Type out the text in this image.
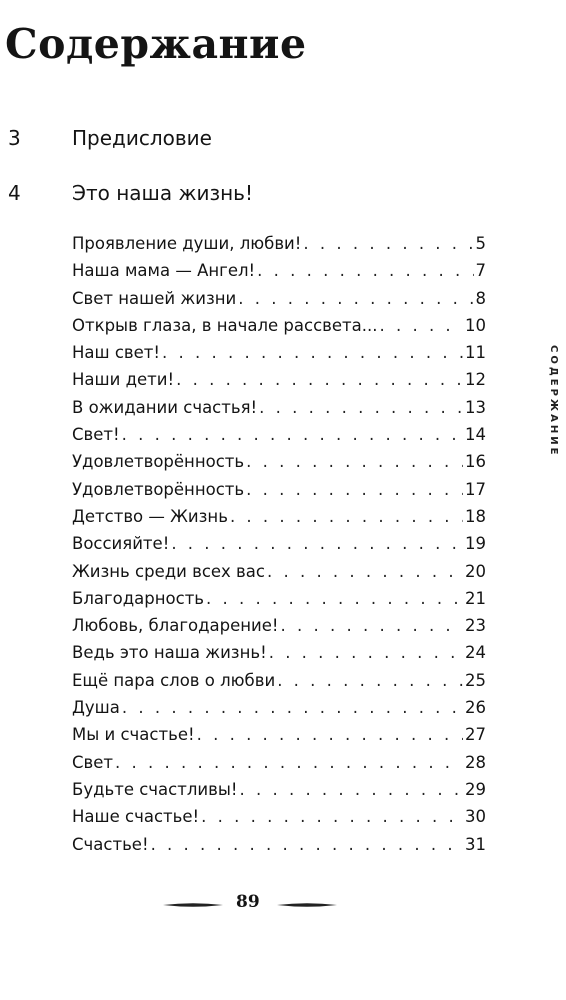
Содержание
3	Предисловие
4	Это наша жизнь!
Проявление души, любви! . . .	5
Наша мама — Ангел! . . .	7
Свет нашей жизни . . .	8
Открыв глаза, в начале рассвета... . . .	10
Наш свет! . . .	11
Наши дети! . . .	12
В ожидании счастья! . . .	13
Свет! . . .	14
Удовлетворённость . . .	16
Удовлетворённость . . .	17
Детство — Жизнь . . .	18
Воссияйте! . . .	19
Жизнь среди всех вас . . .	20
Благодарность . . .	21
Любовь, благодарение! . . .	23
Ведь это наша жизнь! . . .	24
Ещё пара слов о любви . . .	25
Душа . . .	26
Мы и счастье! . . .	27
Свет . . .	28
Будьте счастливы! . . .	29
Наше счастье! . . .	30
Счастье! . . .	31
СОДЕРЖАНИЕ
89
